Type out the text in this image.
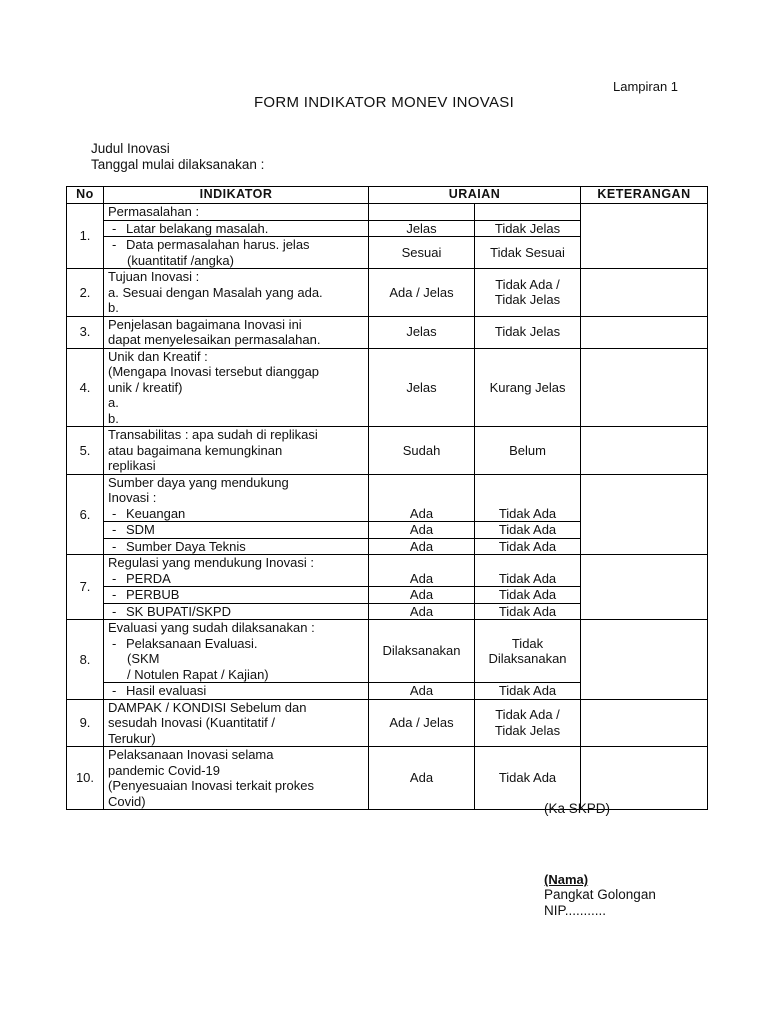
Lampiran 1
FORM INDIKATOR MONEV INOVASI
Judul Inovasi
Tanggal mulai dilaksanakan :
No	INDIKATOR	URAIAN		KETERANGAN
1.	Permasalahan :			

	- Latar belakang masalah.	Jelas	Tidak Jelas	

	- Data permasalahan harus. jelas
(kuantitatif /angka)	Sesuai	Tidak Sesuai	
2.	Tujuan Inovasi :
a. Sesuai dengan Masalah yang ada.
b.	Ada / Jelas	Tidak Ada /
Tidak Jelas	

3.	Penjelasan bagaimana Inovasi ini
dapat menyelesaikan permasalahan.	Jelas	Tidak Jelas	
4.	Unik dan Kreatif :
(Mengapa Inovasi tersebut dianggap
unik / kreatif)
a.
b.	Jelas	Kurang Jelas	
5.	Transabilitas : apa sudah di replikasi
atau bagaimana kemungkinan
replikasi	Sudah	Belum	
6.	Sumber daya yang mendukung
Inovasi :
- Keuangan	Ada	Tidak Ada	

	- SDM	Ada	Tidak Ada	

	- Sumber Daya Teknis	Ada	Tidak Ada	
7.	Regulasi yang mendukung Inovasi :
- PERDA	Ada	Tidak Ada	

	- PERBUB	Ada	Tidak Ada	

	- SK BUPATI/SKPD	Ada	Tidak Ada	
8.	Evaluasi yang sudah dilaksanakan :
- Pelaksanaan Evaluasi.
(SKM
/ Notulen Rapat / Kajian)	Dilaksanakan	Tidak
Dilaksanakan	

	- Hasil evaluasi	Ada	Tidak Ada	
9.	DAMPAK / KONDISI Sebelum dan
sesudah Inovasi (Kuantitatif /
Terukur)	Ada / Jelas	Tidak Ada /
Tidak Jelas	

10.	Pelaksanaan Inovasi selama
pandemic Covid-19
(Penyesuaian Inovasi terkait prokes
Covid)	Ada	Tidak Ada	
(Ka SKPD)
(Nama)
Pangkat Golongan
NIP...........
